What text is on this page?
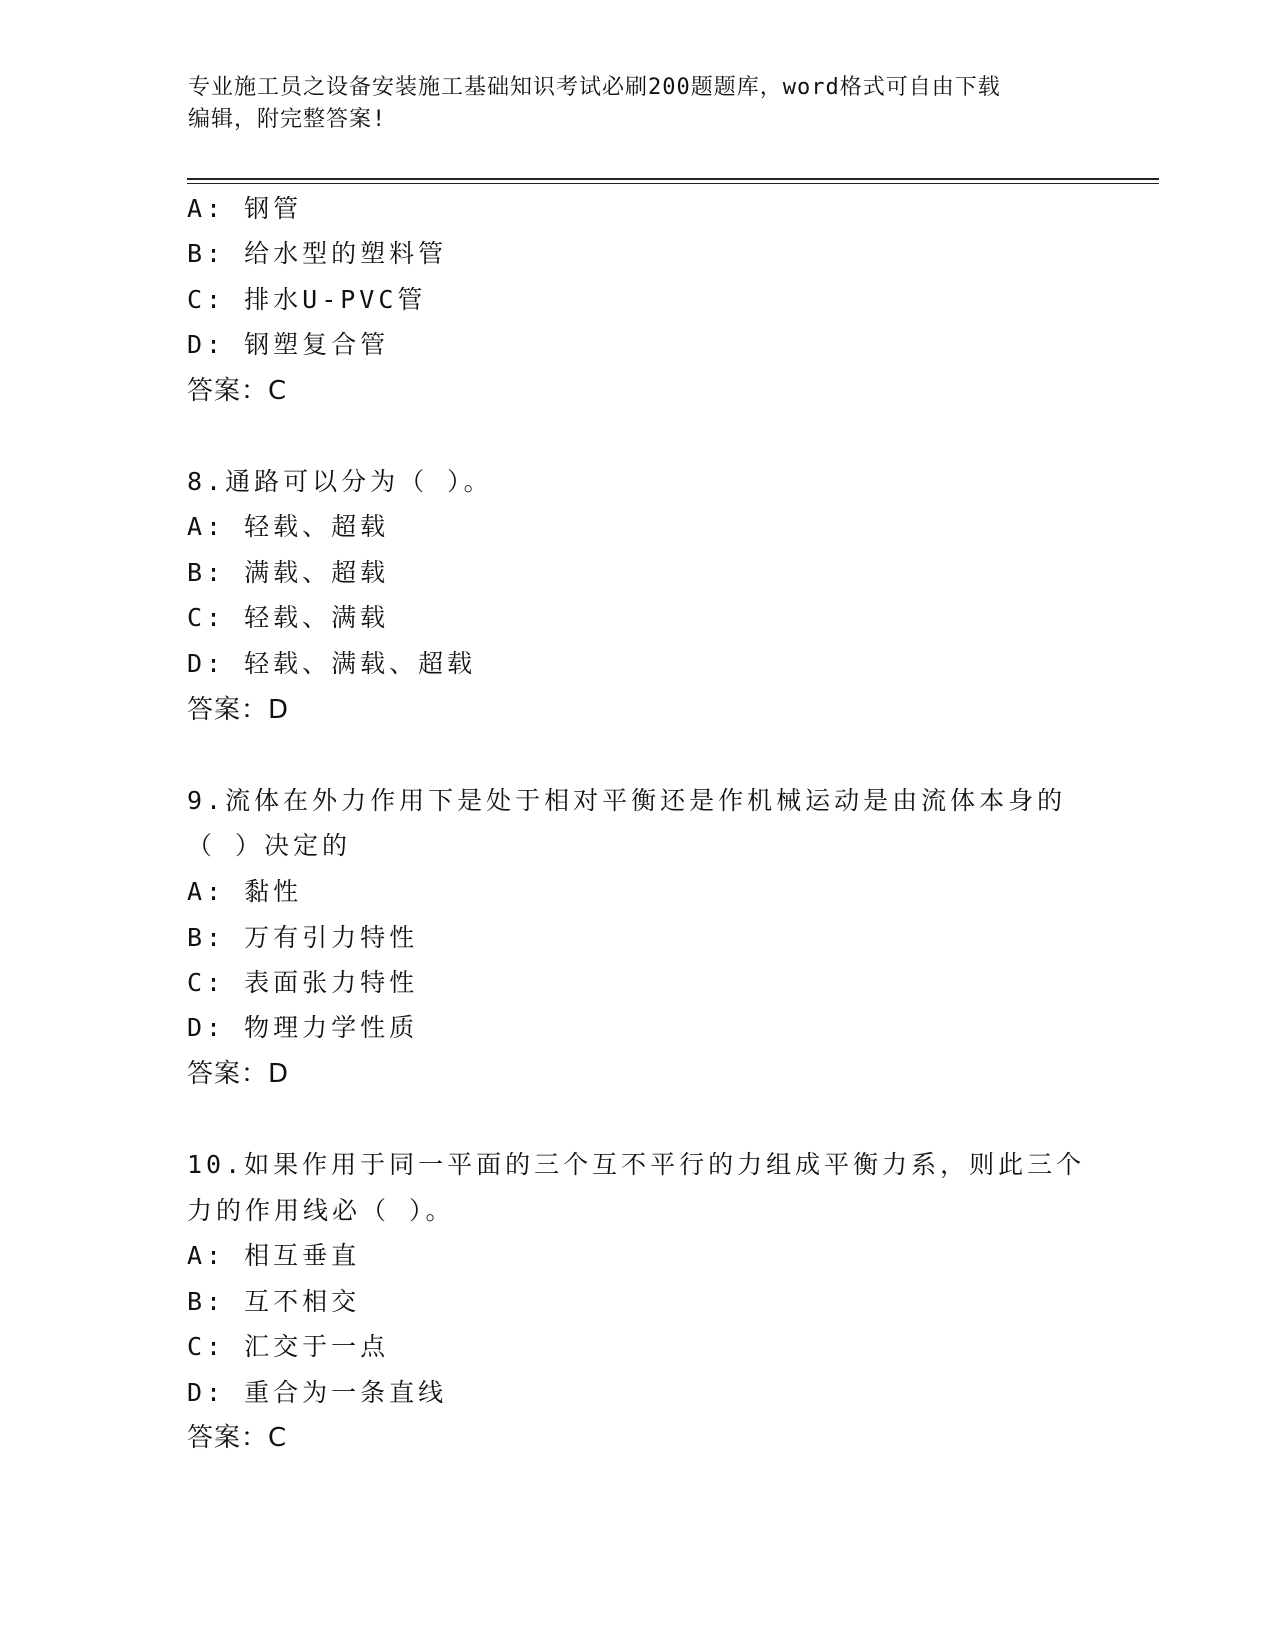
专业施工员之设备安装施工基础知识考试必刷200题题库，word格式可自由下载
编辑，附完整答案!
A: 钢管
B: 给水型的塑料管
C: 排水U-PVC管
D: 钢塑复合管
答案：C
8.通路可以分为（ ）。
A: 轻载、超载
B: 满载、超载
C: 轻载、满载
D: 轻载、满载、超载
答案：D
9.流体在外力作用下是处于相对平衡还是作机械运动是由流体本身的
（ ）决定的
A: 黏性
B: 万有引力特性
C: 表面张力特性
D: 物理力学性质
答案：D
10.如果作用于同一平面的三个互不平行的力组成平衡力系，则此三个
力的作用线必（ ）。
A: 相互垂直
B: 互不相交
C: 汇交于一点
D: 重合为一条直线
答案：C
